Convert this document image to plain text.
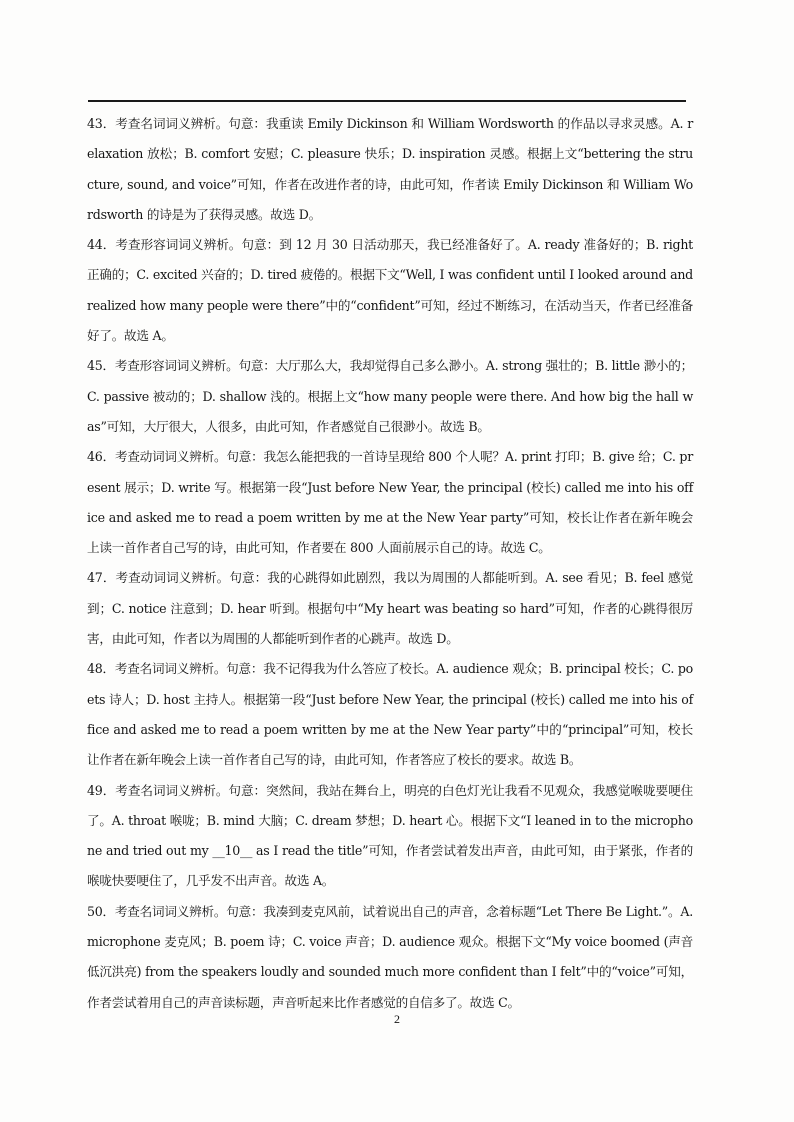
43．考查名词词义辨析。句意：我重读 Emily Dickinson 和 William Wordsworth 的作品以寻求灵感。A. relaxation 放松；B. comfort 安慰；C. pleasure 快乐；D. inspiration 灵感。根据上文“bettering the structure, sound, and voice”可知，作者在改进作者的诗，由此可知，作者读 Emily Dickinson 和 William Wordsworth 的诗是为了获得灵感。故选 D。

44．考查形容词词义辨析。句意：到 12 月 30 日活动那天，我已经准备好了。A. ready 准备好的；B. right 正确的；C. excited 兴奋的；D. tired 疲倦的。根据下文“Well, I was confident until I looked around and realized how many people were there”中的“confident”可知，经过不断练习，在活动当天，作者已经准备好了。故选 A。

45．考查形容词词义辨析。句意：大厅那么大，我却觉得自己多么渺小。A. strong 强壮的；B. little 渺小的；C. passive 被动的；D. shallow 浅的。根据上文“how many people were there. And how big the hall was”可知，大厅很大，人很多，由此可知，作者感觉自己很渺小。故选 B。

46．考查动词词义辨析。句意：我怎么能把我的一首诗呈现给 800 个人呢？A. print 打印；B. give 给；C. present 展示；D. write 写。根据第一段“Just before New Year, the principal (校长) called me into his office and asked me to read a poem written by me at the New Year party”可知，校长让作者在新年晚会上读一首作者自己写的诗，由此可知，作者要在 800 人面前展示自己的诗。故选 C。

47．考查动词词义辨析。句意：我的心跳得如此剧烈，我以为周围的人都能听到。A. see 看见；B. feel 感觉到；C. notice 注意到；D. hear 听到。根据句中“My heart was beating so hard”可知，作者的心跳得很厉害，由此可知，作者以为周围的人都能听到作者的心跳声。故选 D。

48．考查名词词义辨析。句意：我不记得我为什么答应了校长。A. audience 观众；B. principal 校长；C. poets 诗人；D. host 主持人。根据第一段“Just before New Year, the principal (校长) called me into his office and asked me to read a poem written by me at the New Year party”中的“principal”可知，校长让作者在新年晚会上读一首作者自己写的诗，由此可知，作者答应了校长的要求。故选 B。

49．考查名词词义辨析。句意：突然间，我站在舞台上，明亮的白色灯光让我看不见观众，我感觉喉咙要哽住了。A. throat 喉咙；B. mind 大脑；C. dream 梦想；D. heart 心。根据下文“I leaned in to the microphone and tried out my __10__ as I read the title”可知，作者尝试着发出声音，由此可知，由于紧张，作者的喉咙快要哽住了，几乎发不出声音。故选 A。

50．考查名词词义辨析。句意：我凑到麦克风前，试着说出自己的声音，念着标题“Let There Be Light.”。A. microphone 麦克风；B. poem 诗；C. voice 声音；D. audience 观众。根据下文“My voice boomed (声音低沉洪亮) from the speakers loudly and sounded much more confident than I felt”中的“voice”可知，作者尝试着用自己的声音读标题，声音听起来比作者感觉的自信多了。故选 C。

2
